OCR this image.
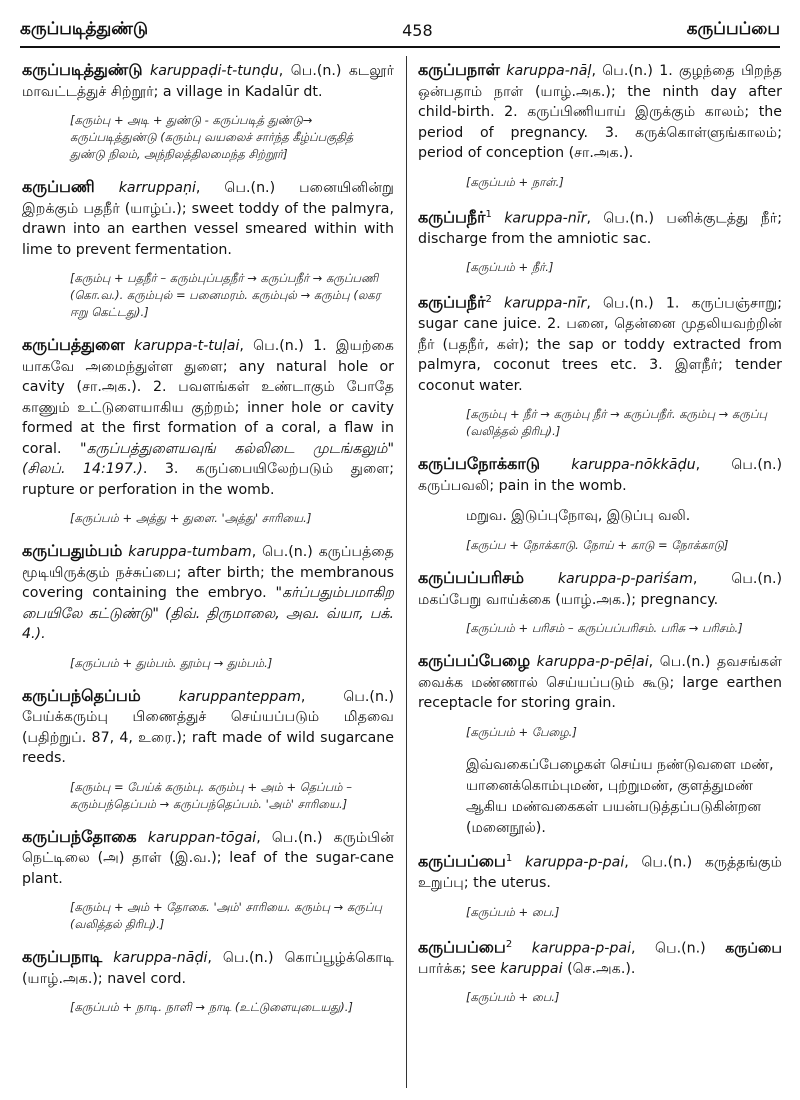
கருப்படித்துண்டு	458	கருப்பப்பை
கருப்படித்துண்டு karuppaḍi-t-tunḍu, பெ.(n.) கடலூர் மாவட்டத்துச் சிற்றூர்; a village in Kadalūr dt.
[கரும்பு + அடி + துண்டு - கருப்படித் துண்டு→ கருப்படித்துண்டு (கரும்பு வயலைச் சார்ந்த கீழ்ப்பகுதித் துண்டு நிலம், அந்நிலத்திலமைந்த சிற்றூர்]
கருப்பணி karruppaṇi, பெ.(n.) பனையினின்று இறக்கும் பதநீர் (யாழ்ப்.); sweet toddy of the palmyra, drawn into an earthen vessel smeared within with lime to prevent fermentation.
[கரும்பு + பதநீர் – கரும்புப்பதநீர் → கருப்பநீர் → கருப்பணி (கொ.வ.). கரும்புல் = பனைமரம். கரும்புல் → கரும்பு (லகர ஈறு கெட்டது).]
கருப்பத்துளை karuppa-t-tuḷai, பெ.(n.) 1. இயற்கை யாகவே அமைந்துள்ள துளை; any natural hole or cavity (சா.அக.). 2. பவளங்கள் உண்டாகும் போதே காணும் உட்டுளையாகிய குற்றம்; inner hole or cavity formed at the first formation of a coral, a flaw in coral. "கருப்பத்துளையவுங் கல்லிடை முடங்கலும்" (சிலப். 14:197.). 3. கருப்பையிலேற்படும் துளை; rupture or perforation in the womb.
[கருப்பம் + அத்து + துளை. 'அத்து' சாரியை.]
கருப்பதும்பம் karuppa-tumbam, பெ.(n.) கருப்பத்தை மூடியிருக்கும் நச்சுப்பை; after birth; the membranous covering containing the embryo. "கர்ப்பதும்பமாகிற பையிலே கட்டுண்டு" (திவ். திருமாலை, அவ. வ்யா, பக். 4.).
[கருப்பம் + தும்பம். தூம்பு → தும்பம்.]
கருப்பந்தெப்பம்	karuppanteppam, பெ.(n.) பேய்க்கரும்பு பிணைத்துச் செய்யப்படும் மிதவை (பதிற்றுப். 87, 4, உரை.); raft made of wild sugarcane reeds.
[கரும்பு = பேய்க் கரும்பு. கரும்பு + அம் + தெப்பம் – கரும்பந்தெப்பம் → கருப்பந்தெப்பம். 'அம்' சாரியை.]
கருப்பந்தோகை karuppan-tōgai, பெ.(n.) கரும்பின் நெட்டிலை (அ) தாள் (இ.வ.); leaf of the sugar-cane plant.
[கரும்பு + அம் + தோகை. 'அம்' சாரியை. கரும்பு → கருப்பு (வலித்தல் திரிபு).]
கருப்பநாடி karuppa-nāḍi, பெ.(n.) கொப்பூழ்க்கொடி (யாழ்.அக.); navel cord.
[கருப்பம் + நாடி. நாளி → நாடி (உட்டுளையுடையது).]
கருப்பநாள் karuppa-nāḷ, பெ.(n.) 1. குழந்தை பிறந்த ஒன்பதாம் நாள் (யாழ்.அக.); the ninth day after child-birth. 2. கருப்பிணியாய் இருக்கும் காலம்; the period of pregnancy. 3. கருக்கொள்ளுங்காலம்; period of conception (சா.அக.).
[கருப்பம் + நாள்.]
கருப்பநீர்$^1$ karuppa-nīr, பெ.(n.) பனிக்குடத்து நீர்; discharge from the amniotic sac.
[கருப்பம் + நீர்.]
கருப்பநீர்$^2$ karuppa-nīr, பெ.(n.) 1. கருப்பஞ்சாறு; sugar cane juice. 2. பனை, தென்னை முதலியவற்றின் நீர் (பதநீர், கள்); the sap or toddy extracted from palmyra, coconut trees etc. 3. இளநீர்; tender coconut water.
[கரும்பு + நீர் → கரும்பு நீர் → கருப்பநீர். கரும்பு → கருப்பு (வலித்தல் திரிபு).]
கருப்பநோக்காடு karuppa-nōkkāḍu, பெ.(n.) கருப்பவலி; pain in the womb.
மறுவ. இடுப்புநோவு, இடுப்பு வலி.
[கருப்ப + நோக்காடு. நோய் + காடு = நோக்காடு]
கருப்பப்பரிசம் karuppa-p-pariśam, பெ.(n.) மகப்பேறு வாய்க்கை (யாழ்.அக.); pregnancy.
[கருப்பம் + பரிசம் – கருப்பப்பரிசம். பரிசு → பரிசம்.]
கருப்பப்பேழை karuppa-p-pēḷai, பெ.(n.) தவசங்கள் வைக்க மண்ணால் செய்யப்படும் கூடு; large earthen receptacle for storing grain.
[கருப்பம் + பேழை.]
இவ்வகைப்பேழைகள் செய்ய நண்டுவளை மண், யானைக்கொம்புமண், புற்றுமண், குளத்துமண் ஆகிய மண்வகைகள் பயன்படுத்தப்படுகின்றன (மனைநூல்).
கருப்பப்பை$^1$ karuppa-p-pai, பெ.(n.) கருத்தங்கும் உறுப்பு; the uterus.
[கருப்பம் + பை.]
கருப்பப்பை$^2$ karuppa-p-pai, பெ.(n.) கருப்பை பார்க்க; see karuppai (செ.அக.).
[கருப்பம் + பை.]
